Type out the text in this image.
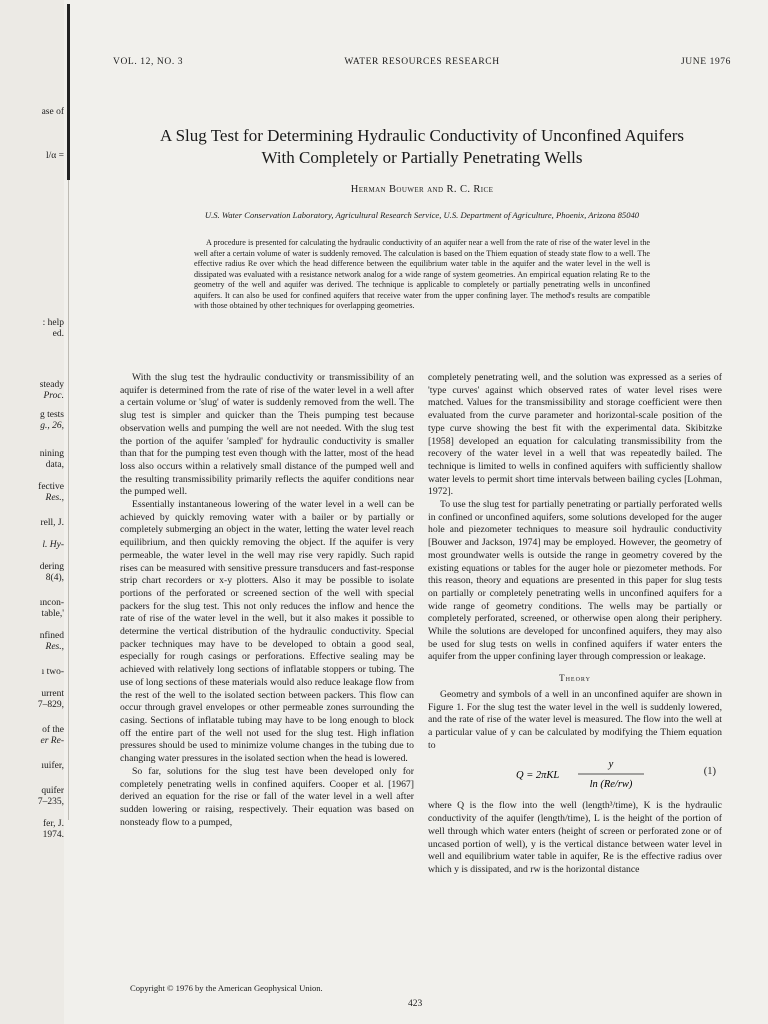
ase of
l/α =
: help
ed.
steady
Proc.
g tests
g., 26,
nining
data,
fective
Res.,
rell, J.
l. Hy-
dering
8(4),
ıncon-
table,'
nfined
Res.,
ı two-
urrent
7–829,
of the
er Re-
ıuifer,
quifer
7–235,
fer, J.
1974.
VOL. 12, NO. 3	WATER RESOURCES RESEARCH	JUNE 1976
A Slug Test for Determining Hydraulic Conductivity of Unconfined Aquifers
With Completely or Partially Penetrating Wells
Herman Bouwer and R. C. Rice
U.S. Water Conservation Laboratory, Agricultural Research Service, U.S. Department of Agriculture, Phoenix, Arizona 85040

A procedure is presented for calculating the hydraulic conductivity of an aquifer near a well from the rate of rise of the water level in the well after a certain volume of water is suddenly removed. The calculation is based on the Thiem equation of steady state flow to a well. The effective radius Re over which the head difference between the equilibrium water table in the aquifer and the water level in the well is dissipated was evaluated with a resistance network analog for a wide range of system geometries. An empirical equation relating Re to the geometry of the well and aquifer was derived. The technique is applicable to completely or partially penetrating wells in unconfined aquifers. It can also be used for confined aquifers that receive water from the upper confining layer. The method's results are compatible with those obtained by other techniques for overlapping geometries.

With the slug test the hydraulic conductivity or transmissibility of an aquifer is determined from the rate of rise of the water level in a well after a certain volume or 'slug' of water is suddenly removed from the well. The slug test is simpler and quicker than the Theis pumping test because observation wells and pumping the well are not needed. With the slug test the portion of the aquifer 'sampled' for hydraulic conductivity is smaller than that for the pumping test even though with the latter, most of the head loss also occurs within a relatively small distance of the pumped well and the resulting transmissibility primarily reflects the aquifer conditions near the pumped well.

Essentially instantaneous lowering of the water level in a well can be achieved by quickly removing water with a bailer or by partially or completely submerging an object in the water, letting the water level reach equilibrium, and then quickly removing the object. If the aquifer is very permeable, the water level in the well may rise very rapidly. Such rapid rises can be measured with sensitive pressure transducers and fast-response strip chart recorders or x-y plotters. Also it may be possible to isolate portions of the perforated or screened section of the well with special packers for the slug test. This not only reduces the inflow and hence the rate of rise of the water level in the well, but it also makes it possible to determine the vertical distribution of the hydraulic conductivity. Special packer techniques may have to be developed to obtain a good seal, especially for rough casings or perforations. Effective sealing may be achieved with relatively long sections of inflatable stoppers or tubing. The use of long sections of these materials would also reduce leakage flow from the rest of the well to the isolated section between packers. This flow can occur through gravel envelopes or other permeable zones surrounding the casing. Sections of inflatable tubing may have to be long enough to block off the entire part of the well not used for the slug test. High inflation pressures should be used to minimize volume changes in the tubing due to changing water pressures in the isolated section when the head is lowered.

So far, solutions for the slug test have been developed only for completely penetrating wells in confined aquifers. Cooper et al. [1967] derived an equation for the rise or fall of the water level in a well after sudden lowering or raising, respectively. Their equation was based on nonsteady flow to a pumped,

completely penetrating well, and the solution was expressed as a series of 'type curves' against which observed rates of water level rises were matched. Values for the transmissibility and storage coefficient were then evaluated from the curve parameter and horizontal-scale position of the type curve showing the best fit with the experimental data. Skibitzke [1958] developed an equation for calculating transmissibility from the recovery of the water level in a well that was repeatedly bailed. The technique is limited to wells in confined aquifers with sufficiently shallow water levels to permit short time intervals between bailing cycles [Lohman, 1972].

To use the slug test for partially penetrating or partially perforated wells in confined or unconfined aquifers, some solutions developed for the auger hole and piezometer techniques to measure soil hydraulic conductivity [Bouwer and Jackson, 1974] may be employed. However, the geometry of most groundwater wells is outside the range in geometry covered by the existing equations or tables for the auger hole or piezometer methods. For this reason, theory and equations are presented in this paper for slug tests on partially or completely penetrating wells in unconfined aquifers for a wide range of geometry conditions. The wells may be partially or completely perforated, screened, or otherwise open along their periphery. While the solutions are developed for unconfined aquifers, they may also be used for slug tests on wells in confined aquifers if water enters the aquifer from the upper confining layer through compression or leakage.

Theory

Geometry and symbols of a well in an unconfined aquifer are shown in Figure 1. For the slug test the water level in the well is suddenly lowered, and the rate of rise of the water level is measured. The flow into the well at a particular value of y can be calculated by modifying the Thiem equation to

Q = 2πKL
y
ln (Re/rw)
(1)

where Q is the flow into the well (length³/time), K is the hydraulic conductivity of the aquifer (length/time), L is the height of the portion of well through which water enters (height of screen or perforated zone or of uncased portion of well), y is the vertical distance between water level in well and equilibrium water table in aquifer, Re is the effective radius over which y is dissipated, and rw is the horizontal distance

Copyright © 1976 by the American Geophysical Union.
423
